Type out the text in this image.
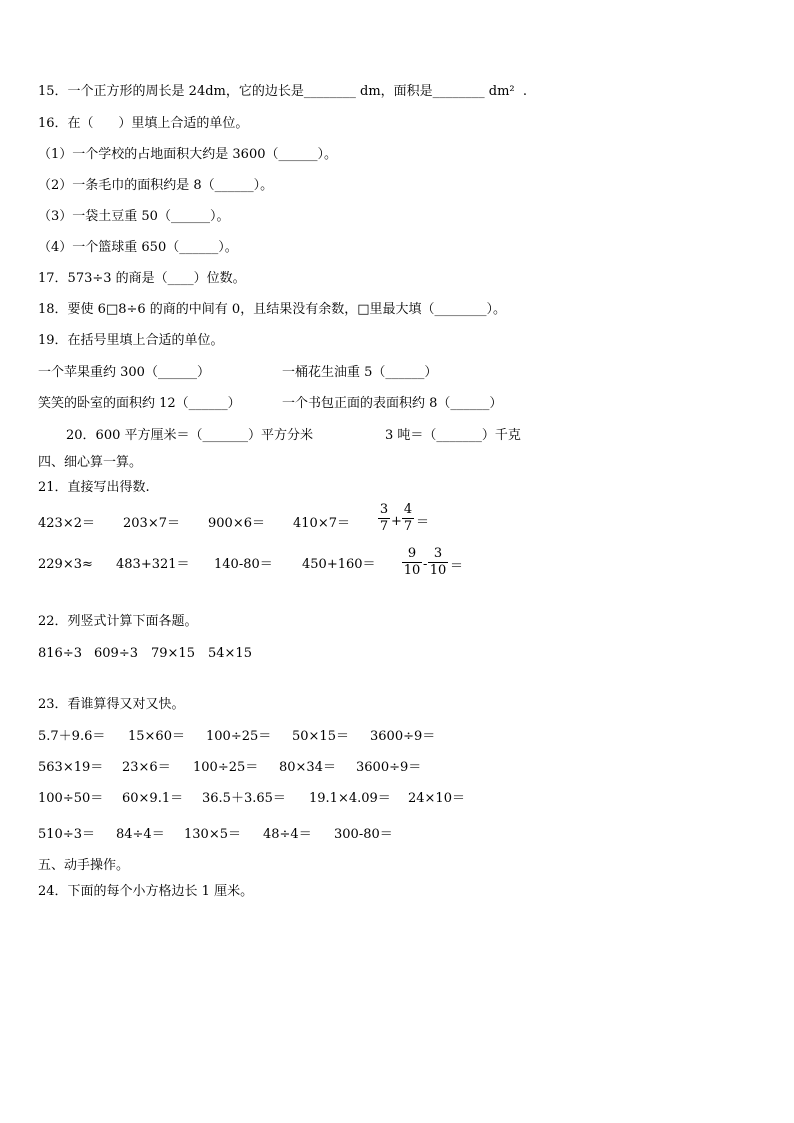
15．一个正方形的周长是 24dm，它的边长是________ dm，面积是________ dm²  .
16．在（      ）里填上合适的单位。
（1）一个学校的占地面积大约是 3600（______）。
（2）一条毛巾的面积约是 8（______）。
（3）一袋土豆重 50（______）。
（4）一个篮球重 650（______）。
17．573÷3 的商是（____）位数。
18．要使 6□8÷6 的商的中间有 0，且结果没有余数，□里最大填（________）。
19．在括号里填上合适的单位。
一个苹果重约 300（______）	一桶花生油重 5（______）
笑笑的卧室的面积约 12（______）	一个书包正面的表面积约 8（______）
20．600 平方厘米＝（_______）平方分米	3 吨＝（_______）千克
四、细心算一算。
21．直接写出得数.
423×2＝ 203×7＝ 900×6＝ 410×7＝
3
7 +
4
7 ＝
229×3≈ 483+321＝ 140-80＝ 450+160＝
9
10 -
3
10 ＝
22．列竖式计算下面各题。
816÷3 609÷3 79×15 54×15
23．看谁算得又对又快。
5.7＋9.6＝ 15×60＝ 100÷25＝ 50×15＝ 3600÷9＝
563×19＝ 23×6＝ 100÷25＝ 80×34＝ 3600÷9＝
100÷50＝ 60×9.1＝ 36.5＋3.65＝ 19.1×4.09＝ 24×10＝
510÷3＝ 84÷4＝ 130×5＝ 48÷4＝ 300-80＝
五、动手操作。
24．下面的每个小方格边长 1 厘米。
